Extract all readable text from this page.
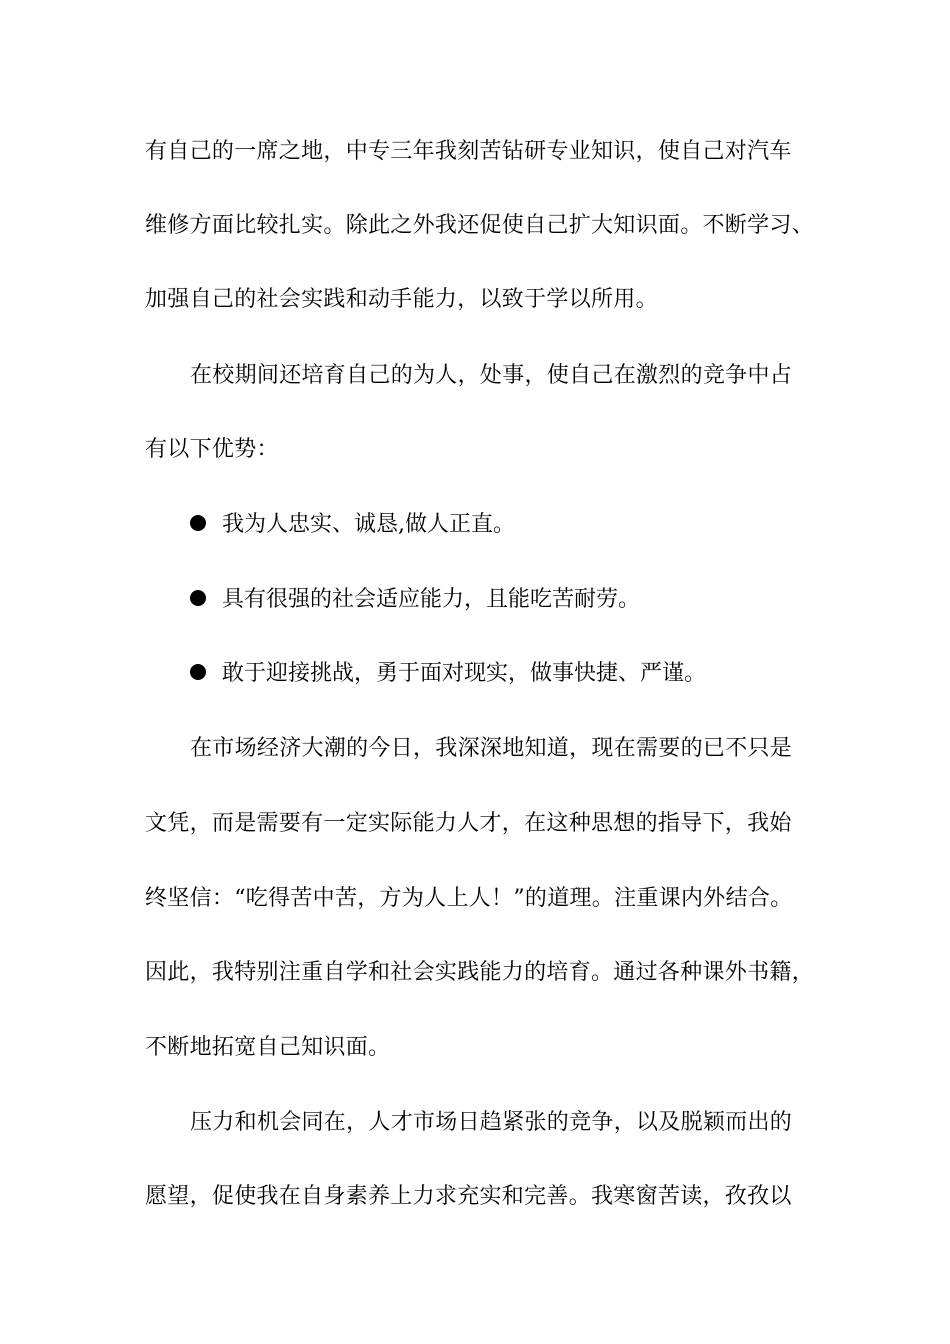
有自己的一席之地，中专三年我刻苦钻研专业知识，使自己对汽车
维修方面比较扎实。除此之外我还促使自己扩大知识面。不断学习、
加强自己的社会实践和动手能力，以致于学以所用。
在校期间还培育自己的为人，处事，使自己在激烈的竞争中占
有以下优势：
我为人忠实、诚恳,做人正直。
具有很强的社会适应能力，且能吃苦耐劳。
敢于迎接挑战，勇于面对现实，做事快捷、严谨。
在市场经济大潮的今日，我深深地知道，现在需要的已不只是
文凭，而是需要有一定实际能力人才，在这种思想的指导下，我始
终坚信：“吃得苦中苦，方为人上人！”的道理。注重课内外结合。
因此，我特别注重自学和社会实践能力的培育。通过各种课外书籍，
不断地拓宽自己知识面。
压力和机会同在，人才市场日趋紧张的竞争，以及脱颖而出的
愿望，促使我在自身素养上力求充实和完善。我寒窗苦读，孜孜以
